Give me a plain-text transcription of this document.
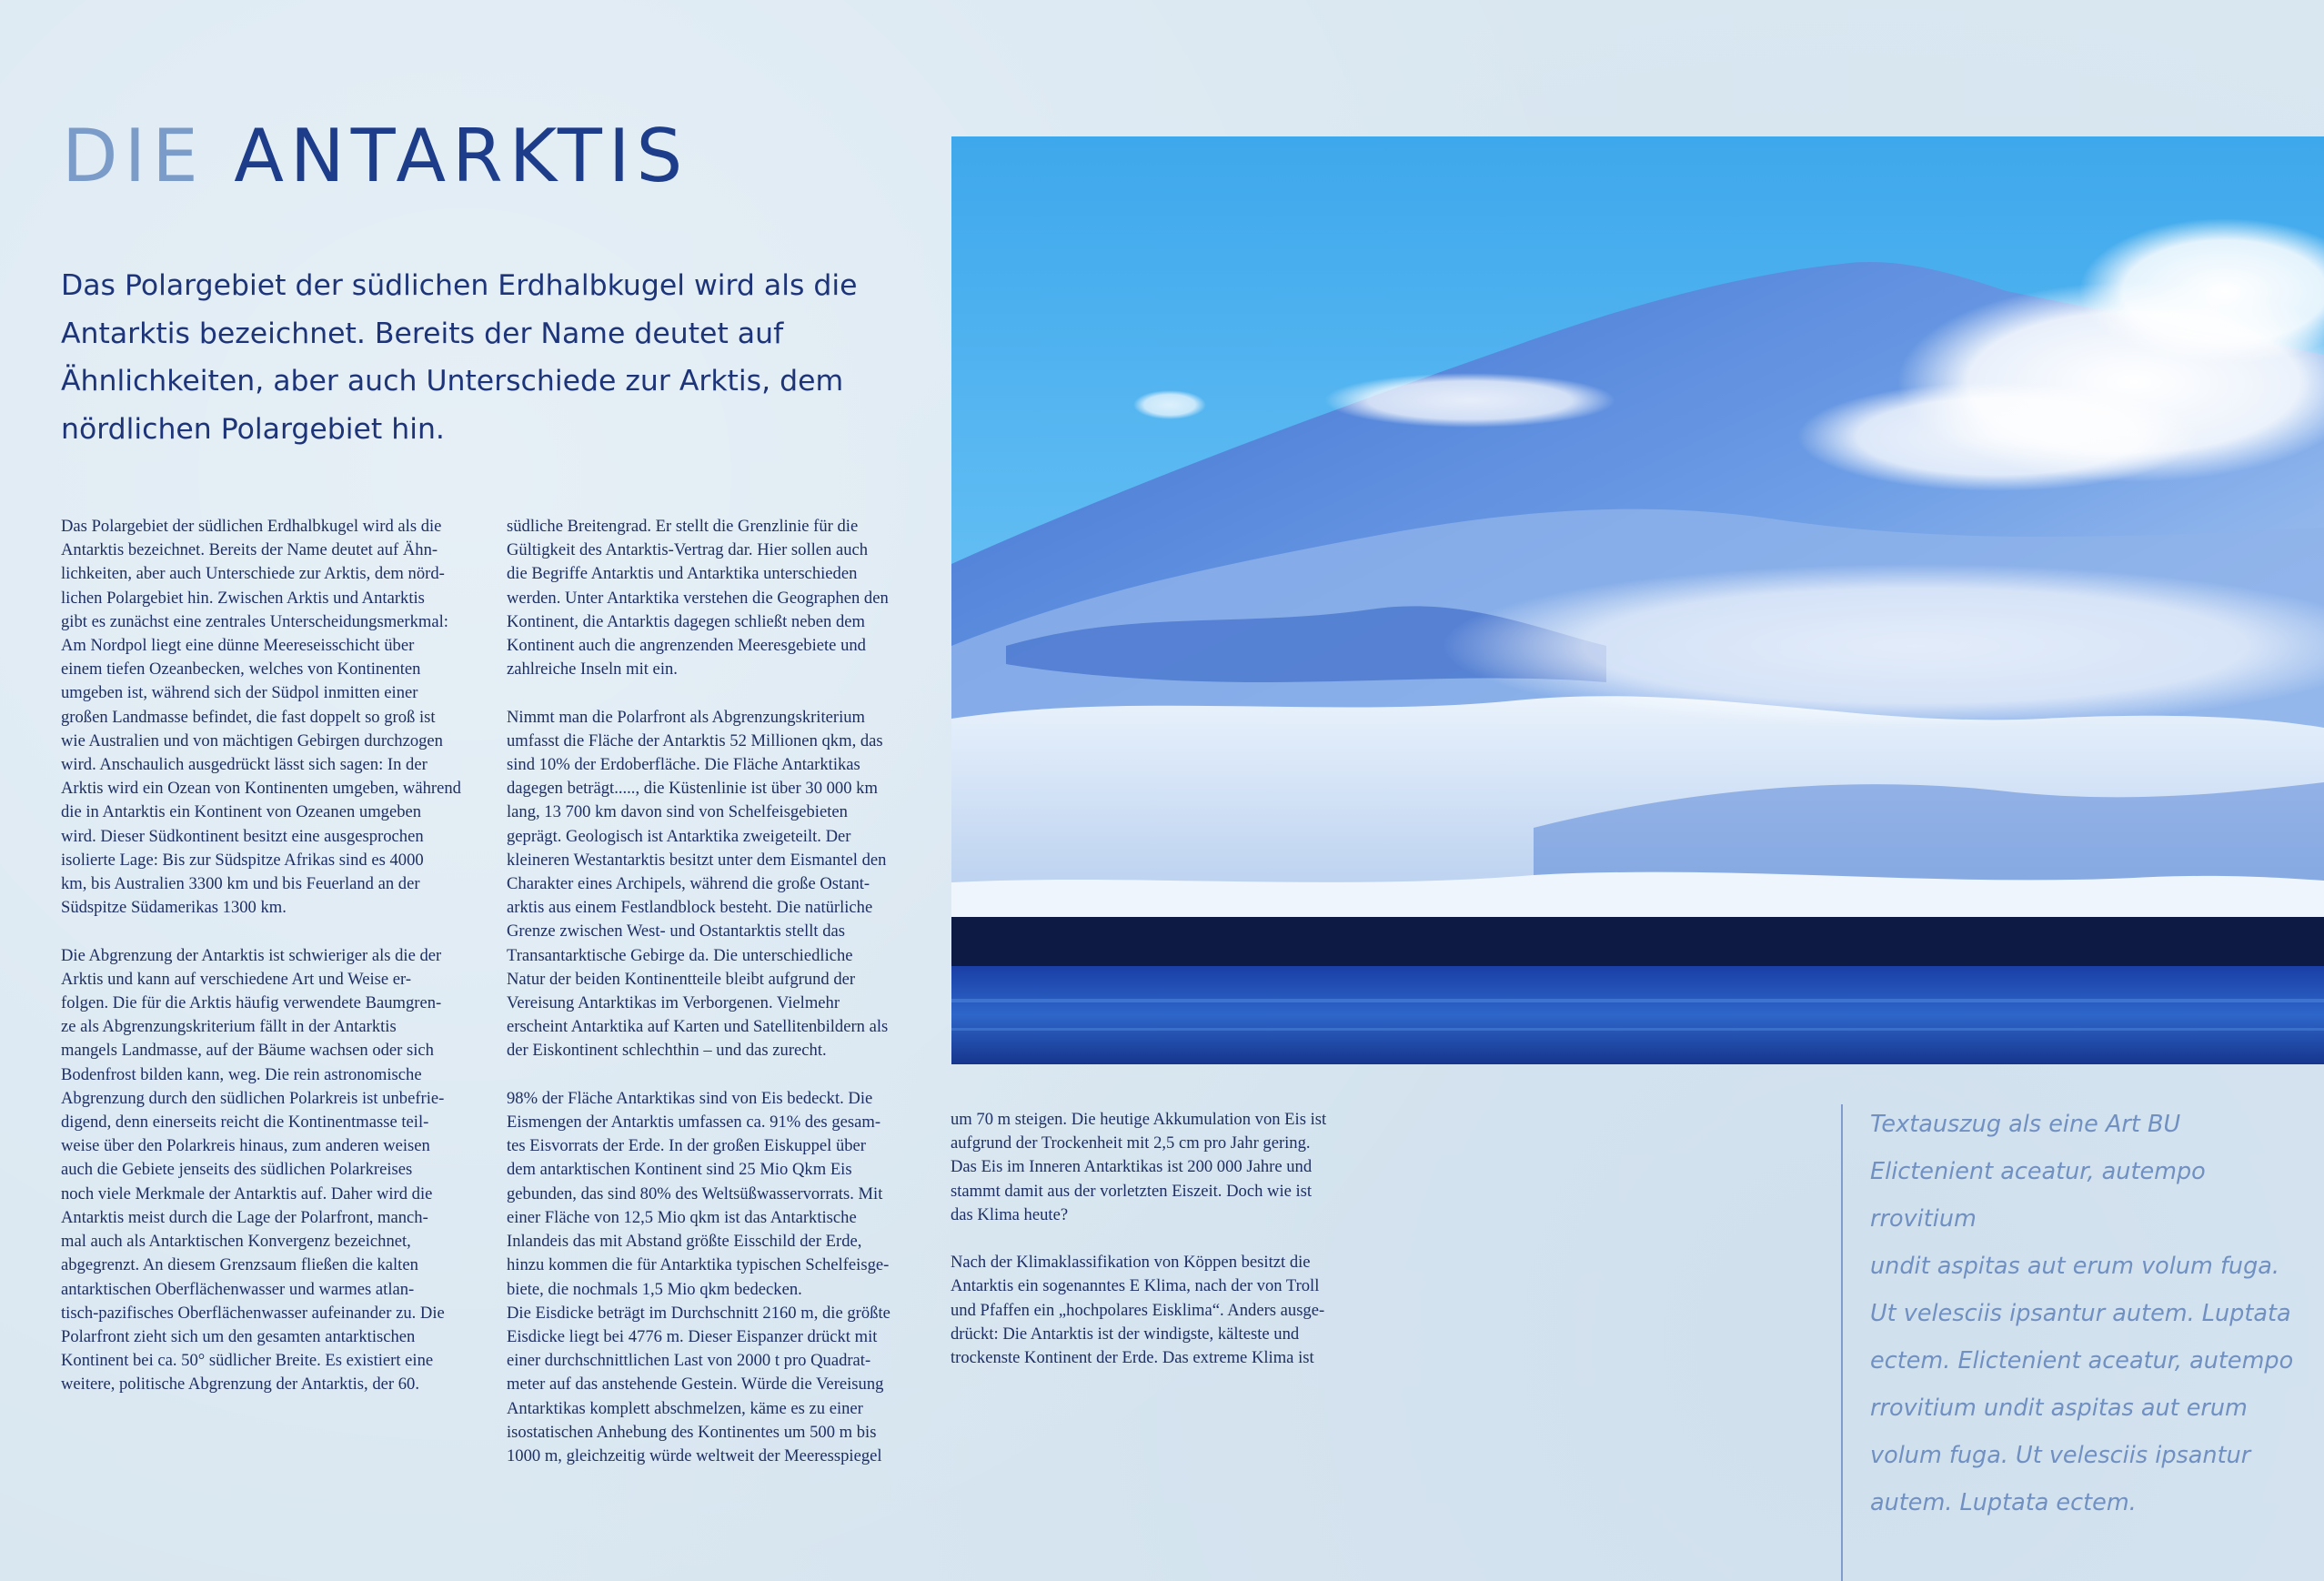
DIE ANTARKTIS

Das Polargebiet der südlichen Erdhalbkugel wird als die Antarktis bezeichnet. Bereits der Name deutet auf Ähnlichkeiten, aber auch Unterschiede zur Arktis, dem nördlichen Polargebiet hin.

Das Polargebiet der südlichen Erdhalbkugel wird als die
Antarktis bezeichnet. Bereits der Name deutet auf Ähn-
lichkeiten, aber auch Unterschiede zur Arktis, dem nörd-
lichen Polargebiet hin. Zwischen Arktis und Antarktis
gibt es zunächst eine zentrales Unterscheidungsmerkmal:
Am Nordpol liegt eine dünne Meereseisschicht über
einem tiefen Ozeanbecken, welches von Kontinenten
umgeben ist, während sich der Südpol inmitten einer
großen Landmasse befindet, die fast doppelt so groß ist
wie Australien und von mächtigen Gebirgen durchzogen
wird. Anschaulich ausgedrückt lässt sich sagen: In der
Arktis wird ein Ozean von Kontinenten umgeben, während
die in Antarktis ein Kontinent von Ozeanen umgeben
wird. Dieser Südkontinent besitzt eine ausgesprochen
isolierte Lage: Bis zur Südspitze Afrikas sind es 4000
km, bis Australien 3300 km und bis Feuerland an der
Südspitze Südamerikas 1300 km.

Die Abgrenzung der Antarktis ist schwieriger als die der
Arktis und kann auf verschiedene Art und Weise er-
folgen. Die für die Arktis häufig verwendete Baumgren-
ze als Abgrenzungskriterium fällt in der Antarktis
mangels Landmasse, auf der Bäume wachsen oder sich
Bodenfrost bilden kann, weg. Die rein astronomische
Abgrenzung durch den südlichen Polarkreis ist unbefrie-
digend, denn einerseits reicht die Kontinentmasse teil-
weise über den Polarkreis hinaus, zum anderen weisen
auch die Gebiete jenseits des südlichen Polarkreises
noch viele Merkmale der Antarktis auf. Daher wird die
Antarktis meist durch die Lage der Polarfront, manch-
mal auch als Antarktischen Konvergenz bezeichnet,
abgegrenzt. An diesem Grenzsaum fließen die kalten
antarktischen Oberflächenwasser und warmes atlan-
tisch-pazifisches Oberflächenwasser aufeinander zu. Die
Polarfront zieht sich um den gesamten antarktischen
Kontinent bei ca. 50° südlicher Breite. Es existiert eine
weitere, politische Abgrenzung der Antarktis, der 60.
südliche Breitengrad. Er stellt die Grenzlinie für die
Gültigkeit des Antarktis-Vertrag dar. Hier sollen auch
die Begriffe Antarktis und Antarktika unterschieden
werden. Unter Antarktika verstehen die Geographen den
Kontinent, die Antarktis dagegen schließt neben dem
Kontinent auch die angrenzenden Meeresgebiete und
zahlreiche Inseln mit ein.

Nimmt man die Polarfront als Abgrenzungskriterium
umfasst die Fläche der Antarktis 52 Millionen qkm, das
sind 10% der Erdoberfläche. Die Fläche Antarktikas
dagegen beträgt....., die Küstenlinie ist über 30 000 km
lang, 13 700 km davon sind von Schelfeisgebieten
geprägt. Geologisch ist Antarktika zweigeteilt. Der
kleineren Westantarktis besitzt unter dem Eismantel den
Charakter eines Archipels, während die große Ostant-
arktis aus einem Festlandblock besteht. Die natürliche
Grenze zwischen West- und Ostantarktis stellt das
Transantarktische Gebirge da. Die unterschiedliche
Natur der beiden Kontinentteile bleibt aufgrund der
Vereisung Antarktikas im Verborgenen. Vielmehr
erscheint Antarktika auf Karten und Satellitenbildern als
der Eiskontinent schlechthin – und das zurecht.

98% der Fläche Antarktikas sind von Eis bedeckt. Die
Eismengen der Antarktis umfassen ca. 91% des gesam-
tes Eisvorrats der Erde. In der großen Eiskuppel über
dem antarktischen Kontinent sind 25 Mio Qkm Eis
gebunden, das sind 80% des Weltsüßwasservorrats. Mit
einer Fläche von 12,5 Mio qkm ist das Antarktische
Inlandeis das mit Abstand größte Eisschild der Erde,
hinzu kommen die für Antarktika typischen Schelfeisge-
biete, die nochmals 1,5 Mio qkm bedecken.
Die Eisdicke beträgt im Durchschnitt 2160 m, die größte
Eisdicke liegt bei 4776 m. Dieser Eispanzer drückt mit
einer durchschnittlichen Last von 2000 t pro Quadrat-
meter auf das anstehende Gestein. Würde die Vereisung
Antarktikas komplett abschmelzen, käme es zu einer
isostatischen Anhebung des Kontinentes um 500 m bis
1000 m, gleichzeitig würde weltweit der Meeresspiegel
um 70 m steigen. Die heutige Akkumulation von Eis ist
aufgrund der Trockenheit mit 2,5 cm pro Jahr gering.
Das Eis im Inneren Antarktikas ist 200 000 Jahre und
stammt damit aus der vorletzten Eiszeit. Doch wie ist
das Klima heute?

Nach der Klimaklassifikation von Köppen besitzt die
Antarktis ein sogenanntes E Klima, nach der von Troll
und Pfaffen ein „hochpolares Eisklima“. Anders ausge-
drückt: Die Antarktis ist der windigste, kälteste und
trockenste Kontinent der Erde. Das extreme Klima ist

Textauszug als eine Art BU
Elictenient aceatur, autempo rrovitium
undit aspitas aut erum volum fuga.
Ut velesciis ipsantur autem. Luptata
ectem. Elictenient aceatur, autempo
rrovitium undit aspitas aut erum
volum fuga. Ut velesciis ipsantur
autem. Luptata ectem.
